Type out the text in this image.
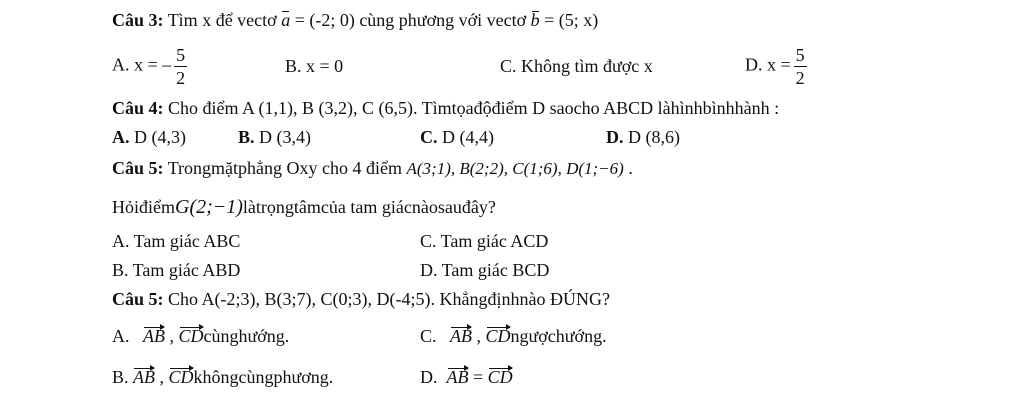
Câu 3: Tìm x để vectơ a = (-2; 0) cùng phương với vectơ b = (5; x)
A. x = – $\frac{5}{2}$	B. x = 0	C. Không tìm được x	D. $x = \frac{5}{2}$
Câu 4: Cho điểm A (1,1), B (3,2), C (6,5). Tìmtọađộđiểm D saocho ABCD làhìnhbìnhhành :
A. D (4,3)	B. D (3,4)	C. D (4,4)	D. D (8,6)
Câu 5: Trongmặtphẳng Oxy cho 4 điểm A(3;1), B(2;2), C(1;6), D(1;−6) .
HỏiđiểmG(2;−1)làtrọngtâmcủa tam giácnàosauđây?
A. Tam giác ABC	C. Tam giác ACD
B. Tam giác ABD	D. Tam giác BCD
Câu 5: Cho A(-2;3), B(3;7), C(0;3), D(-4;5). Khẳngđịnhnào ĐÚNG?
A. AB , CDcùnghướng.	C. AB , CDngượchướng.
B. AB , CDkhôngcùngphương.	D. AB = CD
